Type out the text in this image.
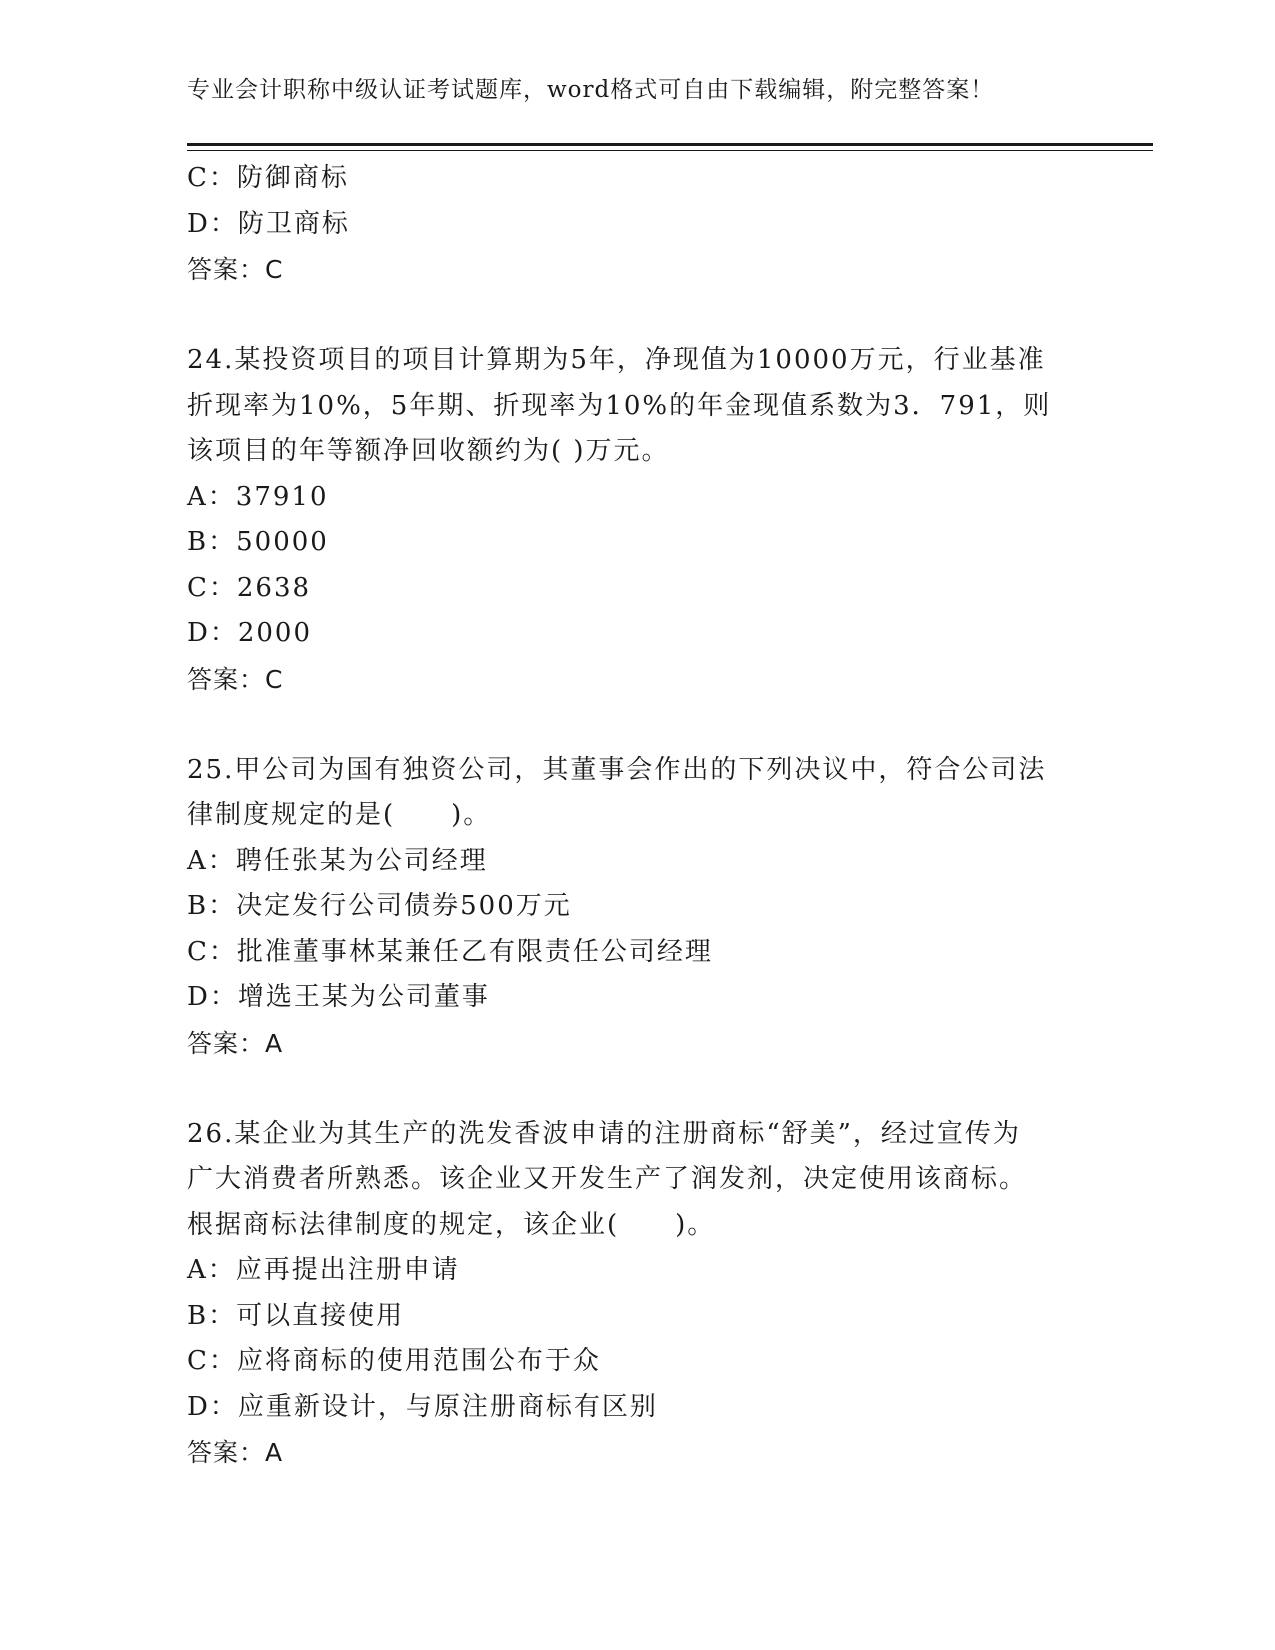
专业会计职称中级认证考试题库，word格式可自由下载编辑，附完整答案！

C：防御商标

D：防卫商标

答案：C

24.某投资项目的项目计算期为5年，净现值为10000万元，行业基准

折现率为10%，5年期、折现率为10%的年金现值系数为3．791，则

该项目的年等额净回收额约为( )万元。

A：37910

B：50000

C：2638

D：2000

答案：C

25.甲公司为国有独资公司，其董事会作出的下列决议中，符合公司法

律制度规定的是(　　)。

A：聘任张某为公司经理

B：决定发行公司债券500万元

C：批准董事林某兼任乙有限责任公司经理

D：增选王某为公司董事

答案：A

26.某企业为其生产的洗发香波申请的注册商标“舒美”，经过宣传为

广大消费者所熟悉。该企业又开发生产了润发剂，决定使用该商标。

根据商标法律制度的规定，该企业(　　)。

A：应再提出注册申请

B：可以直接使用

C：应将商标的使用范围公布于众

D：应重新设计，与原注册商标有区别

答案：A
